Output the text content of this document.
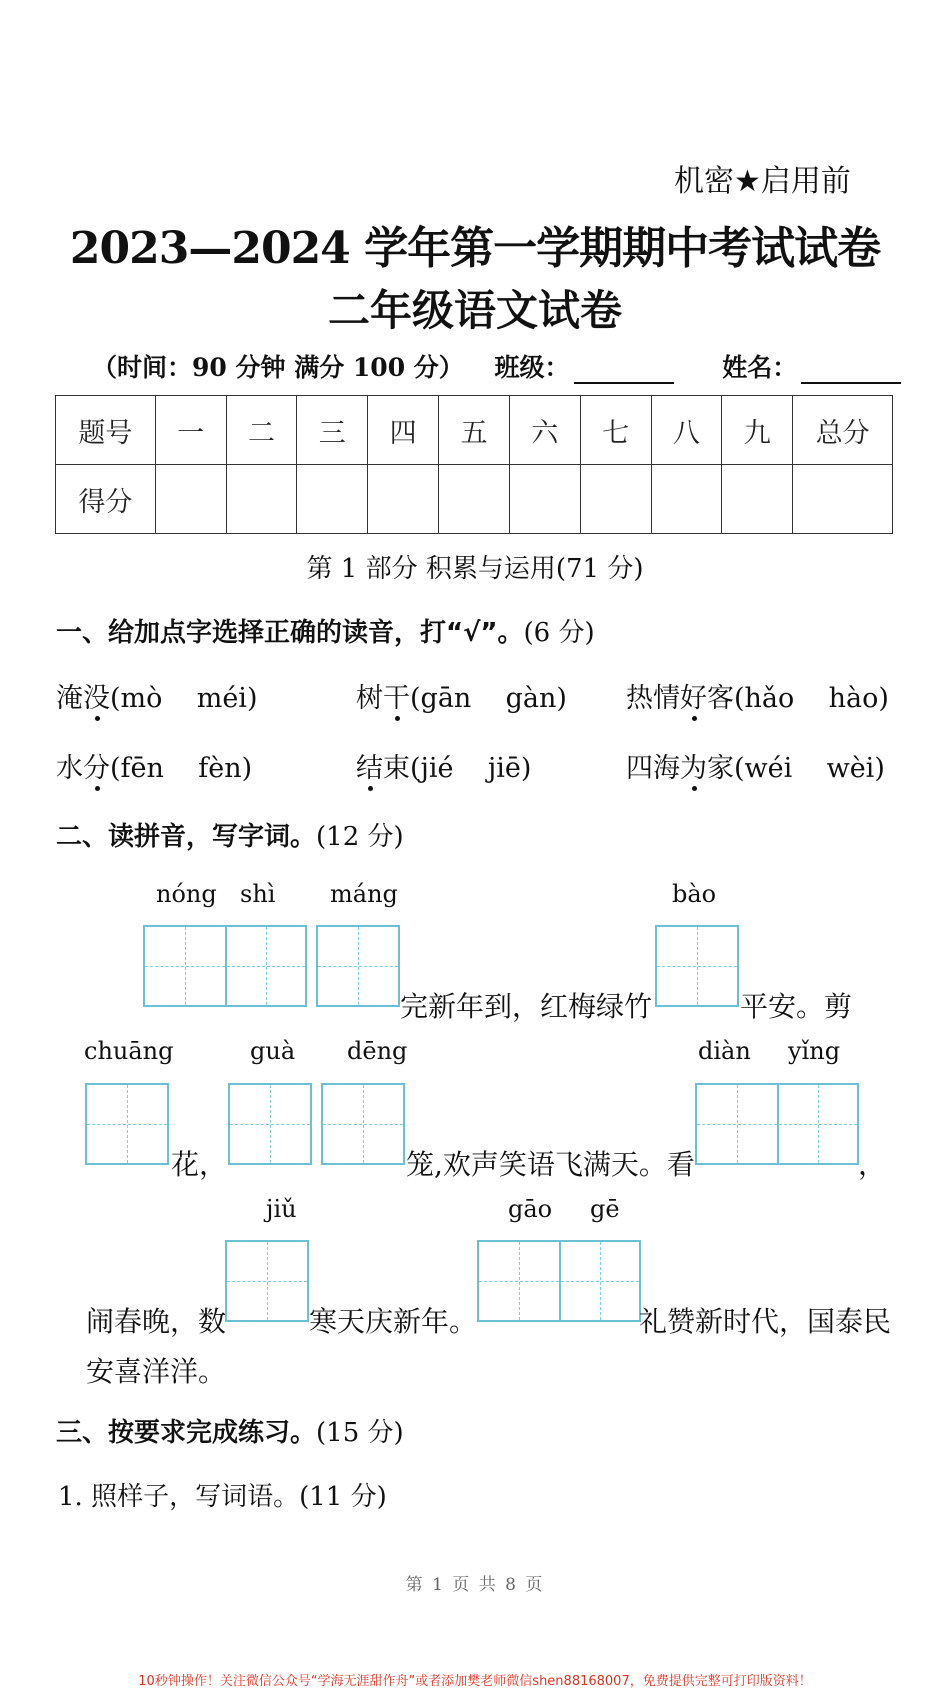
机密★启用前
2023—2024 学年第一学期期中考试试卷
二年级语文试卷
（时间：90 分钟 满分 100 分） 班级：	姓名：
题号	一	二	三	四	五	六	七	八	九	总分
得分										
第 1 部分 积累与运用(71 分)
一、给加点字选择正确的读音，打“√”。(6 分)
淹没(mò    méi)	树干(gān    gàn) 热情好客(hǎo    hào)
水分(fēn    fèn)	结束(jié    jiē)	四海为家(wéi    wèi)
二、读拼音，写字词。(12 分)
nóng shì máng	bào
完新年到，红梅绿竹	平安。剪
chuāng	guà dēng	diàn yǐng
花，	笼,欢声笑语飞满天。看	，
jiǔ	gāo gē
闹春晚，数	寒天庆新年。	礼赞新时代，国泰民
安喜洋洋。
三、按要求完成练习。(15 分)
1. 照样子，写词语。(11 分)
第 1 页 共 8 页
10秒钟操作！关注微信公众号“学海无涯甜作舟”或者添加樊老师微信shen88168007，免费提供完整可打印版资料！
